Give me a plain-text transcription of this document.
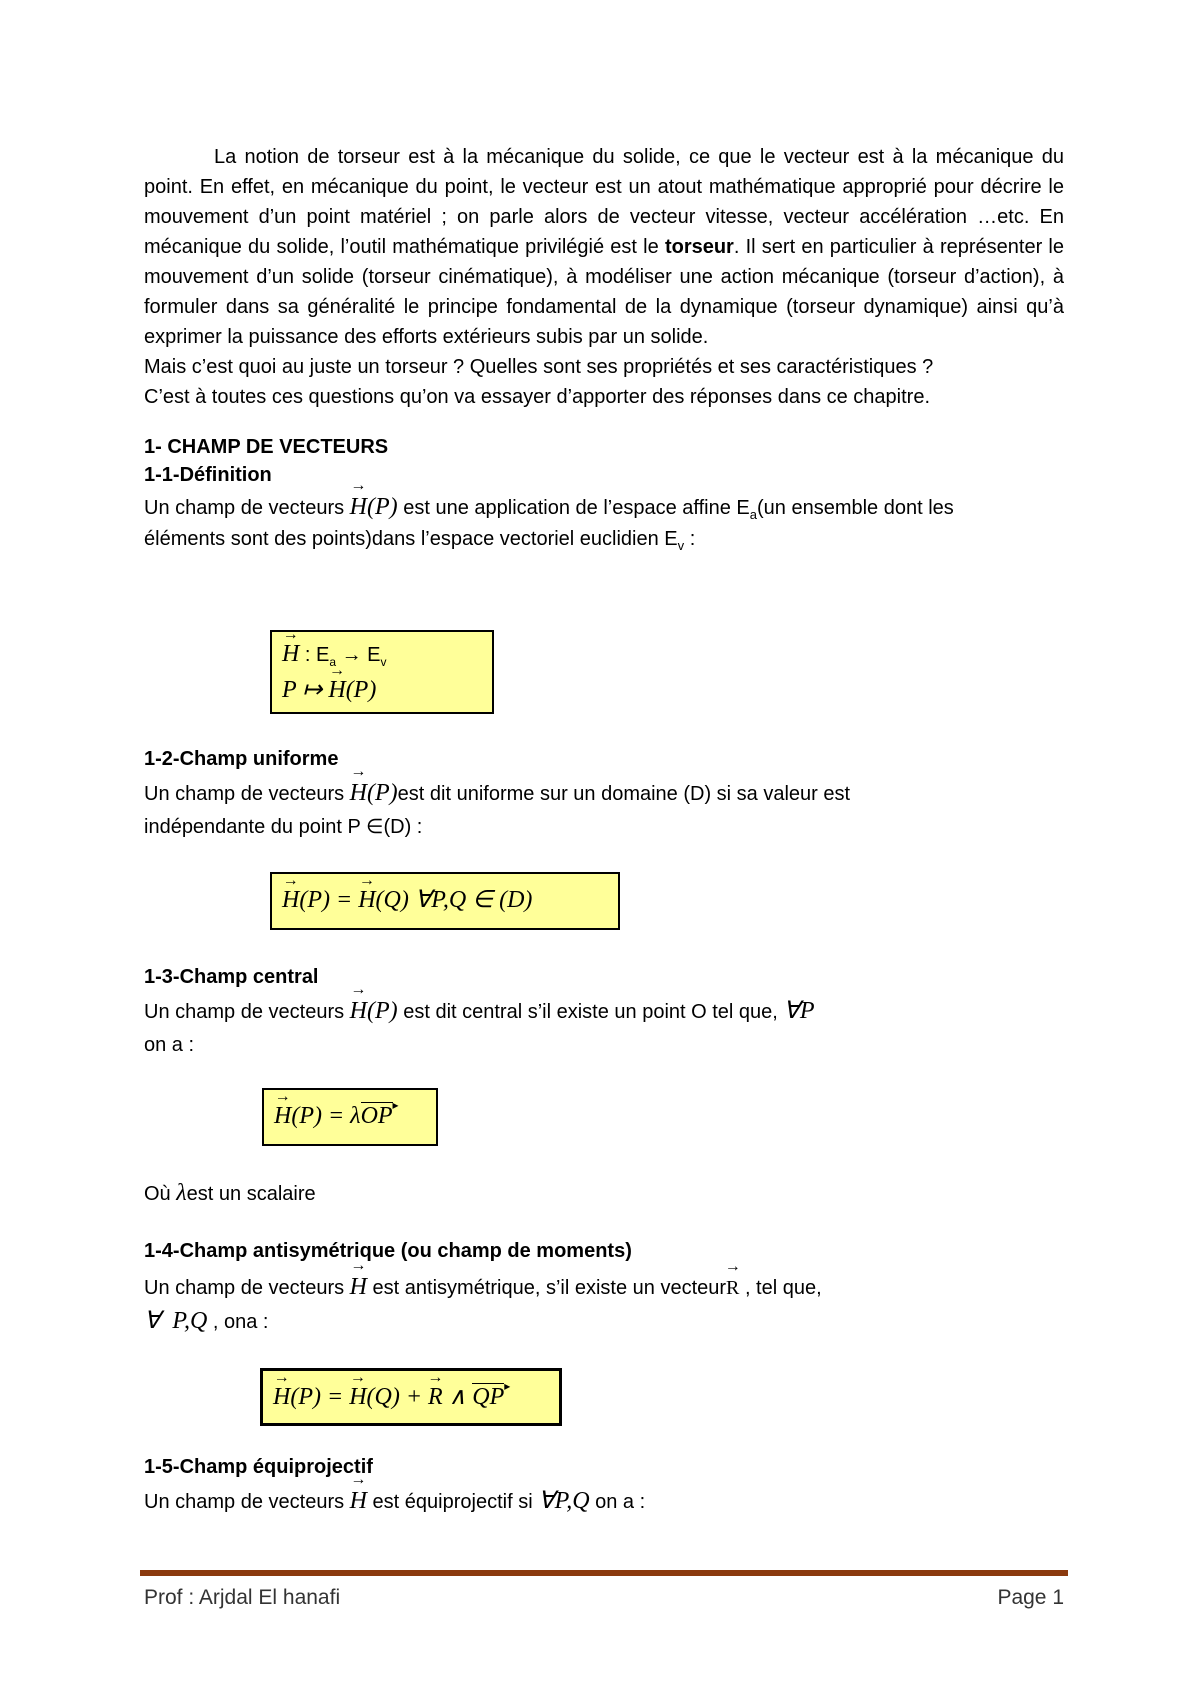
La notion de torseur est à la mécanique du solide, ce que le vecteur est à la mécanique du point. En effet, en mécanique du point, le vecteur est un atout mathématique approprié pour décrire le mouvement d’un point matériel ; on parle alors de vecteur vitesse, vecteur accélération …etc. En mécanique du solide, l’outil mathématique privilégié est le torseur. Il sert en particulier à représenter le mouvement d’un solide (torseur cinématique), à modéliser une action mécanique (torseur d’action), à formuler dans sa généralité le principe fondamental de la dynamique (torseur dynamique) ainsi qu’à exprimer la puissance des efforts extérieurs subis par un solide.

Mais c’est quoi au juste un torseur ? Quelles sont ses propriétés et ses caractéristiques ?

C’est à toutes ces questions qu’on va essayer d’apporter des réponses dans ce chapitre.

1- CHAMP DE VECTEURS
1-1-Définition
Un champ de vecteurs → H(P) est une application de l’espace affine $E_a(un$ ensemble dont les
éléments sont des points)dans l’espace vectoriel euclidien $E_v$ :
→ H : $E_a \to E_v$
P ↦ → H(P)
1-2-Champ uniforme
Un champ de vecteurs → H(P)est dit uniforme sur un domaine (D) si sa valeur est
indépendante du point P ∈(D) :
→ H(P) = → H(Q) ∀P,Q ∈ (D)
1-3-Champ central
Un champ de vecteurs → H(P) est dit central s’il existe un point O tel que, ∀P
on a :
→ H(P) = λOP ▸
Où λest un scalaire
1-4-Champ antisymétrique (ou champ de moments)
Un champ de vecteurs → H est antisymétrique, s’il existe un vecteur→ R , tel que,
∀  P,Q , ona :
→ H(P) = → H(Q) + → R ∧ QP ▸
1-5-Champ équiprojectif
Un champ de vecteurs → H est équiprojectif si ∀P,Q on a :
Prof : Arjdal El hanafi	Page 1
